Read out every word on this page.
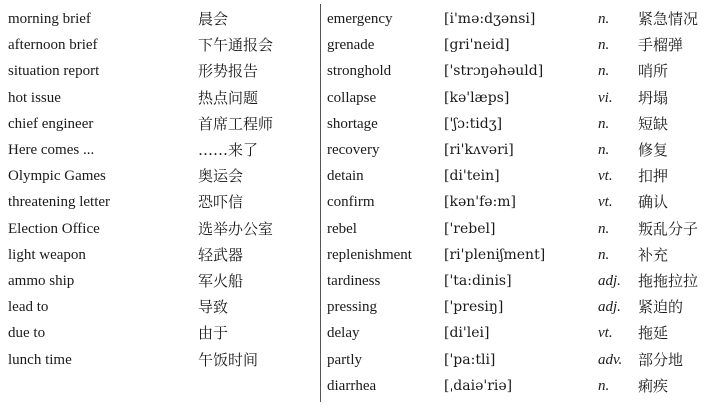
morning brief	晨会
afternoon brief	下午通报会
situation report	形势报告
hot issue	热点问题
chief engineer	首席工程师
Here comes ...	……来了
Olympic Games	奥运会
threatening letter	恐吓信
Election Office	选举办公室
light weapon	轻武器
ammo ship	军火船
lead to	导致
due to	由于
lunch time	午饭时间
emergency	[i'mə:dʒənsi]	n. 紧急情况
grenade	[gri'neid]	n. 手榴弹
stronghold	['strɔŋəhəuld]	n. 哨所
collapse	[kə'læps]	vi. 坍塌
shortage	['ʃɔ:tidʒ]	n. 短缺
recovery	[ri'kʌvəri]	n. 修复
detain	[di'tein]	vt. 扣押
confirm	[kən'fə:m]	vt. 确认
rebel	['rebel]	n. 叛乱分子
replenishment [ri'pleniʃment]	n. 补充
tardiness	['ta:dinis]	adj. 拖拖拉拉
pressing	['presiŋ]	adj. 紧迫的
delay	[di'lei]	vt. 拖延
partly	['pa:tli]	adv. 部分地
diarrhea	[ˌdaiə'riə]	n. 痢疾
